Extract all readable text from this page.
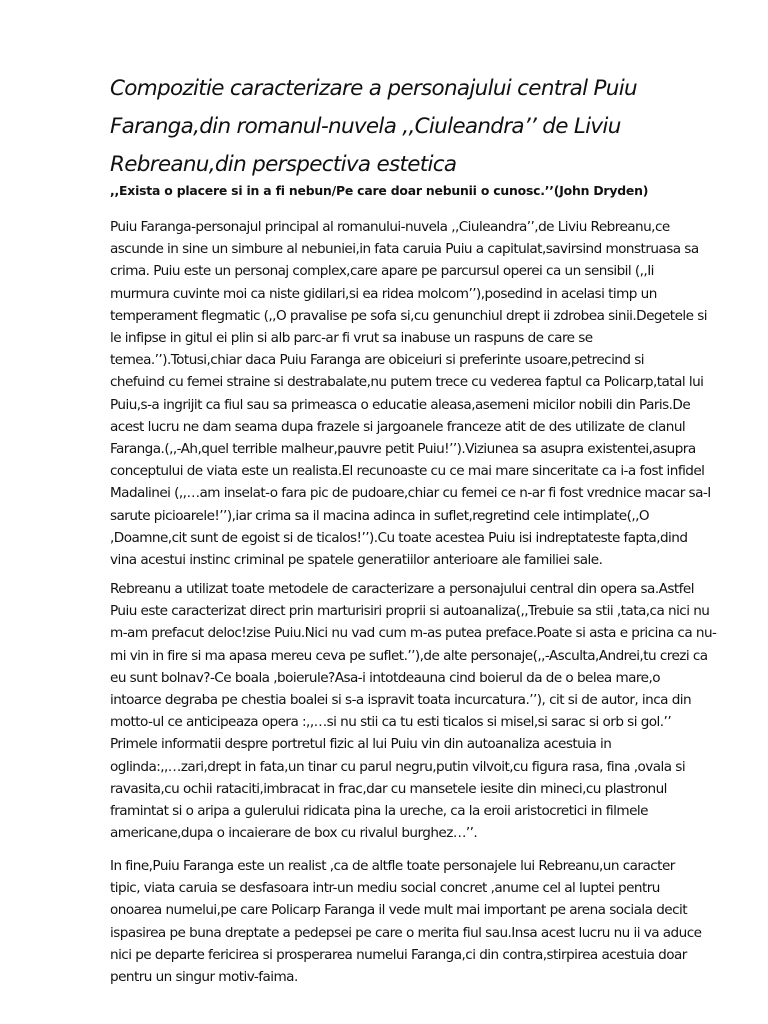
Compozitie caracterizare a personajului central Puiu
Faranga,din romanul-nuvela ,,Ciuleandra’’ de Liviu
Rebreanu,din perspectiva estetica

,,Exista o placere si in a fi nebun/Pe care doar nebunii o cunosc.’’(John Dryden)

Puiu Faranga-personajul principal al romanului-nuvela ,,Ciuleandra’’,de Liviu Rebreanu,ce
ascunde in sine un simbure al nebuniei,in fata caruia Puiu a capitulat,savirsind monstruasa sa
crima. Puiu este un personaj complex,care apare pe parcursul operei ca un sensibil (,,Ii
murmura cuvinte moi ca niste gidilari,si ea ridea molcom’’),posedind in acelasi timp un
temperament flegmatic (,,O pravalise pe sofa si,cu genunchiul drept ii zdrobea sinii.Degetele si
le infipse in gitul ei plin si alb parc-ar fi vrut sa inabuse un raspuns de care se
temea.’’).Totusi,chiar daca Puiu Faranga are obiceiuri si preferinte usoare,petrecind si
chefuind cu femei straine si destrabalate,nu putem trece cu vederea faptul ca Policarp,tatal lui
Puiu,s-a ingrijit ca fiul sau sa primeasca o educatie aleasa,asemeni micilor nobili din Paris.De
acest lucru ne dam seama dupa frazele si jargoanele franceze atit de des utilizate de clanul
Faranga.(,,-Ah,quel terrible malheur,pauvre petit Puiu!’’).Viziunea sa asupra existentei,asupra
conceptului de viata este un realista.El recunoaste cu ce mai mare sinceritate ca i-a fost infidel
Madalinei (,,…am inselat-o fara pic de pudoare,chiar cu femei ce n-ar fi fost vrednice macar sa-I
sarute picioarele!’’),iar crima sa il macina adinca in suflet,regretind cele intimplate(,,O
,Doamne,cit sunt de egoist si de ticalos!’’).Cu toate acestea Puiu isi indreptateste fapta,dind
vina acestui instinc criminal pe spatele generatiilor anterioare ale familiei sale.
Rebreanu a utilizat toate metodele de caracterizare a personajului central din opera sa.Astfel
Puiu este caracterizat direct prin marturisiri proprii si autoanaliza(,,Trebuie sa stii ,tata,ca nici nu
m-am prefacut deloc!zise Puiu.Nici nu vad cum m-as putea preface.Poate si asta e pricina ca nu-
mi vin in fire si ma apasa mereu ceva pe suflet.’’),de alte personaje(,,-Asculta,Andrei,tu crezi ca
eu sunt bolnav?-Ce boala ,boierule?Asa-i intotdeauna cind boierul da de o belea mare,o
intoarce degraba pe chestia boalei si s-a ispravit toata incurcatura.’’), cit si de autor, inca din
motto-ul ce anticipeaza opera :,,…si nu stii ca tu esti ticalos si misel,si sarac si orb si gol.’’
Primele informatii despre portretul fizic al lui Puiu vin din autoanaliza acestuia in
oglinda:,,…zari,drept in fata,un tinar cu parul negru,putin vilvoit,cu figura rasa, fina ,ovala si
ravasita,cu ochii rataciti,imbracat in frac,dar cu mansetele iesite din mineci,cu plastronul
framintat si o aripa a gulerului ridicata pina la ureche, ca la eroii aristocretici in filmele
americane,dupa o incaierare de box cu rivalul burghez…’’.
In fine,Puiu Faranga este un realist ,ca de altfle toate personajele lui Rebreanu,un caracter
tipic, viata caruia se desfasoara intr-un mediu social concret ,anume cel al luptei pentru
onoarea numelui,pe care Policarp Faranga il vede mult mai important pe arena sociala decit
ispasirea pe buna dreptate a pedepsei pe care o merita fiul sau.Insa acest lucru nu ii va aduce
nici pe departe fericirea si prosperarea numelui Faranga,ci din contra,stirpirea acestuia doar
pentru un singur motiv-faima.
